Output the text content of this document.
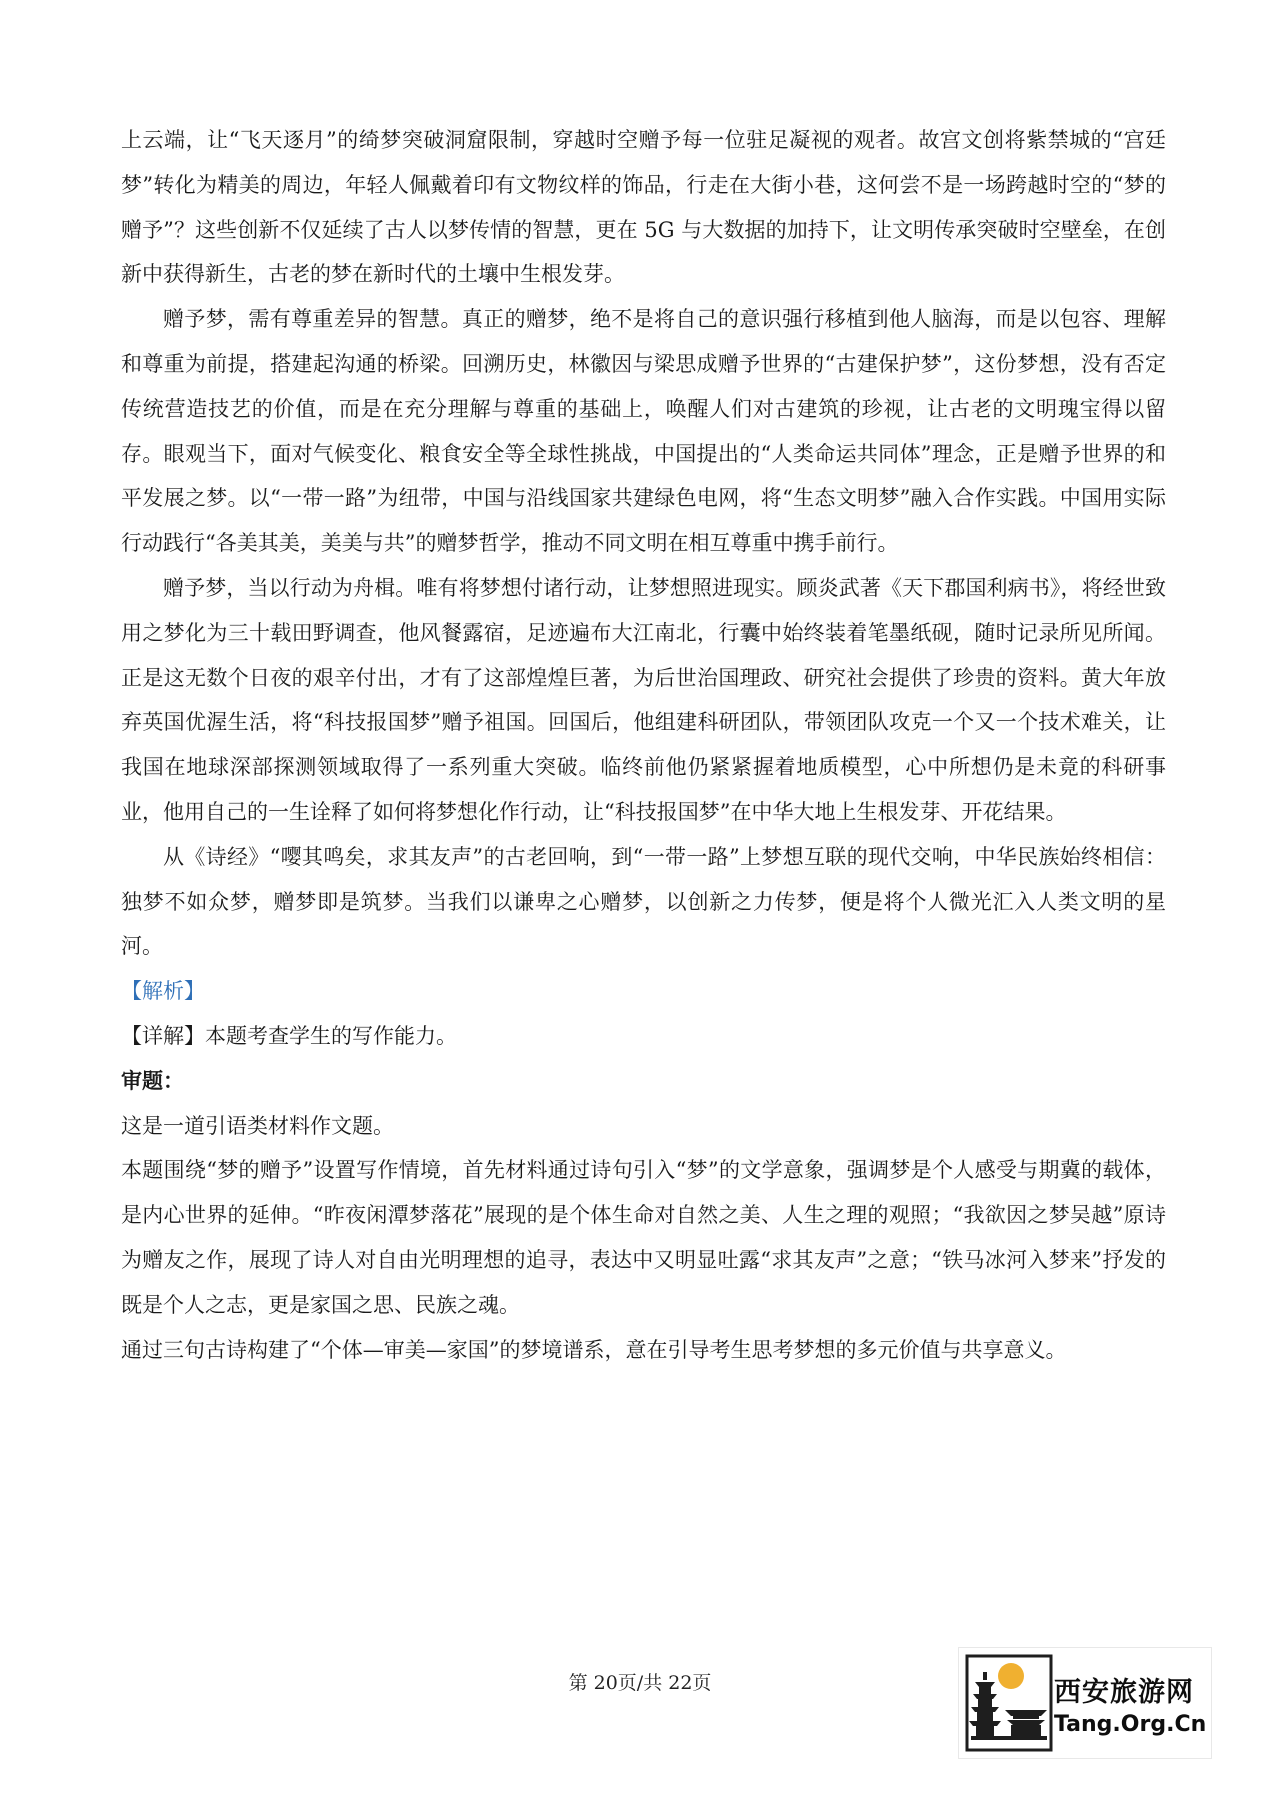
上云端，让“飞天逐月”的绮梦突破洞窟限制，穿越时空赠予每一位驻足凝视的观者。故宫文创将紫禁城的“宫廷梦”转化为精美的周边，年轻人佩戴着印有文物纹样的饰品，行走在大街小巷，这何尝不是一场跨越时空的“梦的赠予”？这些创新不仅延续了古人以梦传情的智慧，更在 5G 与大数据的加持下，让文明传承突破时空壁垒，在创新中获得新生，古老的梦在新时代的土壤中生根发芽。

赠予梦，需有尊重差异的智慧。真正的赠梦，绝不是将自己的意识强行移植到他人脑海，而是以包容、理解和尊重为前提，搭建起沟通的桥梁。回溯历史，林徽因与梁思成赠予世界的“古建保护梦”，这份梦想，没有否定传统营造技艺的价值，而是在充分理解与尊重的基础上，唤醒人们对古建筑的珍视，让古老的文明瑰宝得以留存。眼观当下，面对气候变化、粮食安全等全球性挑战，中国提出的“人类命运共同体”理念，正是赠予世界的和平发展之梦。以“一带一路”为纽带，中国与沿线国家共建绿色电网，将“生态文明梦”融入合作实践。中国用实际行动践行“各美其美，美美与共”的赠梦哲学，推动不同文明在相互尊重中携手前行。

赠予梦，当以行动为舟楫。唯有将梦想付诸行动，让梦想照进现实。顾炎武著《天下郡国利病书》，将经世致用之梦化为三十载田野调查，他风餐露宿，足迹遍布大江南北，行囊中始终装着笔墨纸砚，随时记录所见所闻。正是这无数个日夜的艰辛付出，才有了这部煌煌巨著，为后世治国理政、研究社会提供了珍贵的资料。黄大年放弃英国优渥生活，将“科技报国梦”赠予祖国。回国后，他组建科研团队，带领团队攻克一个又一个技术难关，让我国在地球深部探测领域取得了一系列重大突破。临终前他仍紧紧握着地质模型，心中所想仍是未竟的科研事业，他用自己的一生诠释了如何将梦想化作行动，让“科技报国梦”在中华大地上生根发芽、开花结果。

从《诗经》“嘤其鸣矣，求其友声”的古老回响，到“一带一路”上梦想互联的现代交响，中华民族始终相信：独梦不如众梦，赠梦即是筑梦。当我们以谦卑之心赠梦，以创新之力传梦，便是将个人微光汇入人类文明的星河。

【解析】

【详解】本题考查学生的写作能力。

审题：

这是一道引语类材料作文题。

本题围绕“梦的赠予”设置写作情境，首先材料通过诗句引入“梦”的文学意象，强调梦是个人感受与期冀的载体，是内心世界的延伸。“昨夜闲潭梦落花”展现的是个体生命对自然之美、人生之理的观照；“我欲因之梦吴越”原诗为赠友之作，展现了诗人对自由光明理想的追寻，表达中又明显吐露“求其友声”之意；“铁马冰河入梦来”抒发的既是个人之志，更是家国之思、民族之魂。

通过三句古诗构建了“个体—审美—家国”的梦境谱系，意在引导考生思考梦想的多元价值与共享意义。

第 20页/共 22页	西安旅游网
Tang.Org.Cn
